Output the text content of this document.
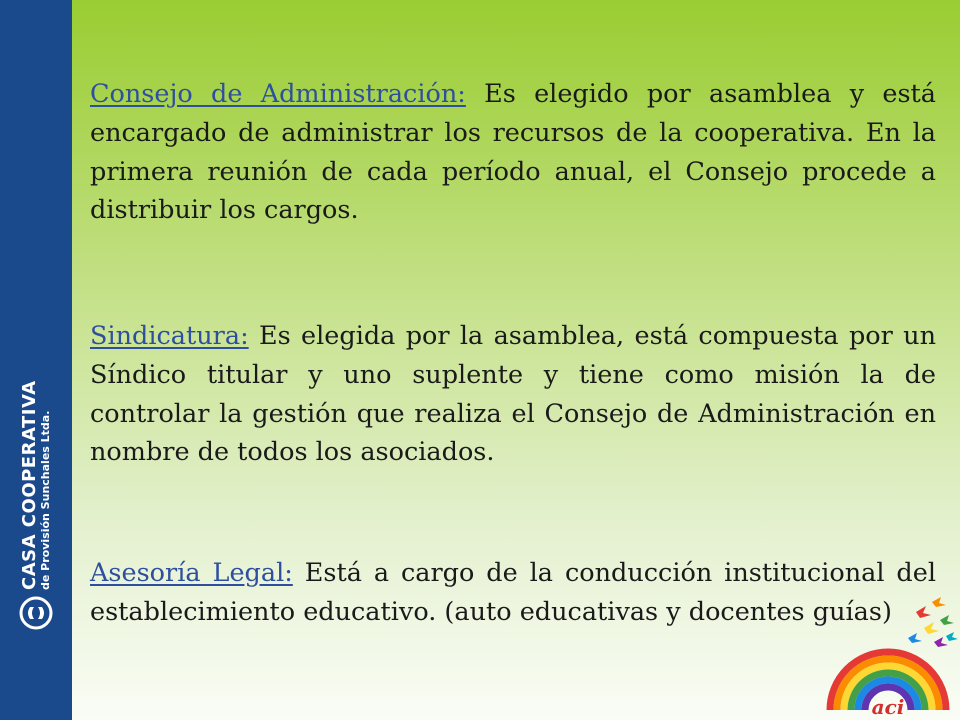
CASA COOPERATIVA
de Provisión Sunchales Ltda.

Consejo de Administración: Es elegido por asamblea y está encargado de administrar los recursos de la cooperativa. En la primera reunión de cada período anual, el Consejo procede a distribuir los cargos.

Sindicatura: Es elegida por la asamblea, está compuesta por un Síndico titular y uno suplente y tiene como misión la de controlar la gestión que realiza el Consejo de Administración en nombre de todos los asociados.

Asesoría Legal: Está a cargo de la conducción institucional del establecimiento educativo. (auto educativas y docentes guías)

aci
